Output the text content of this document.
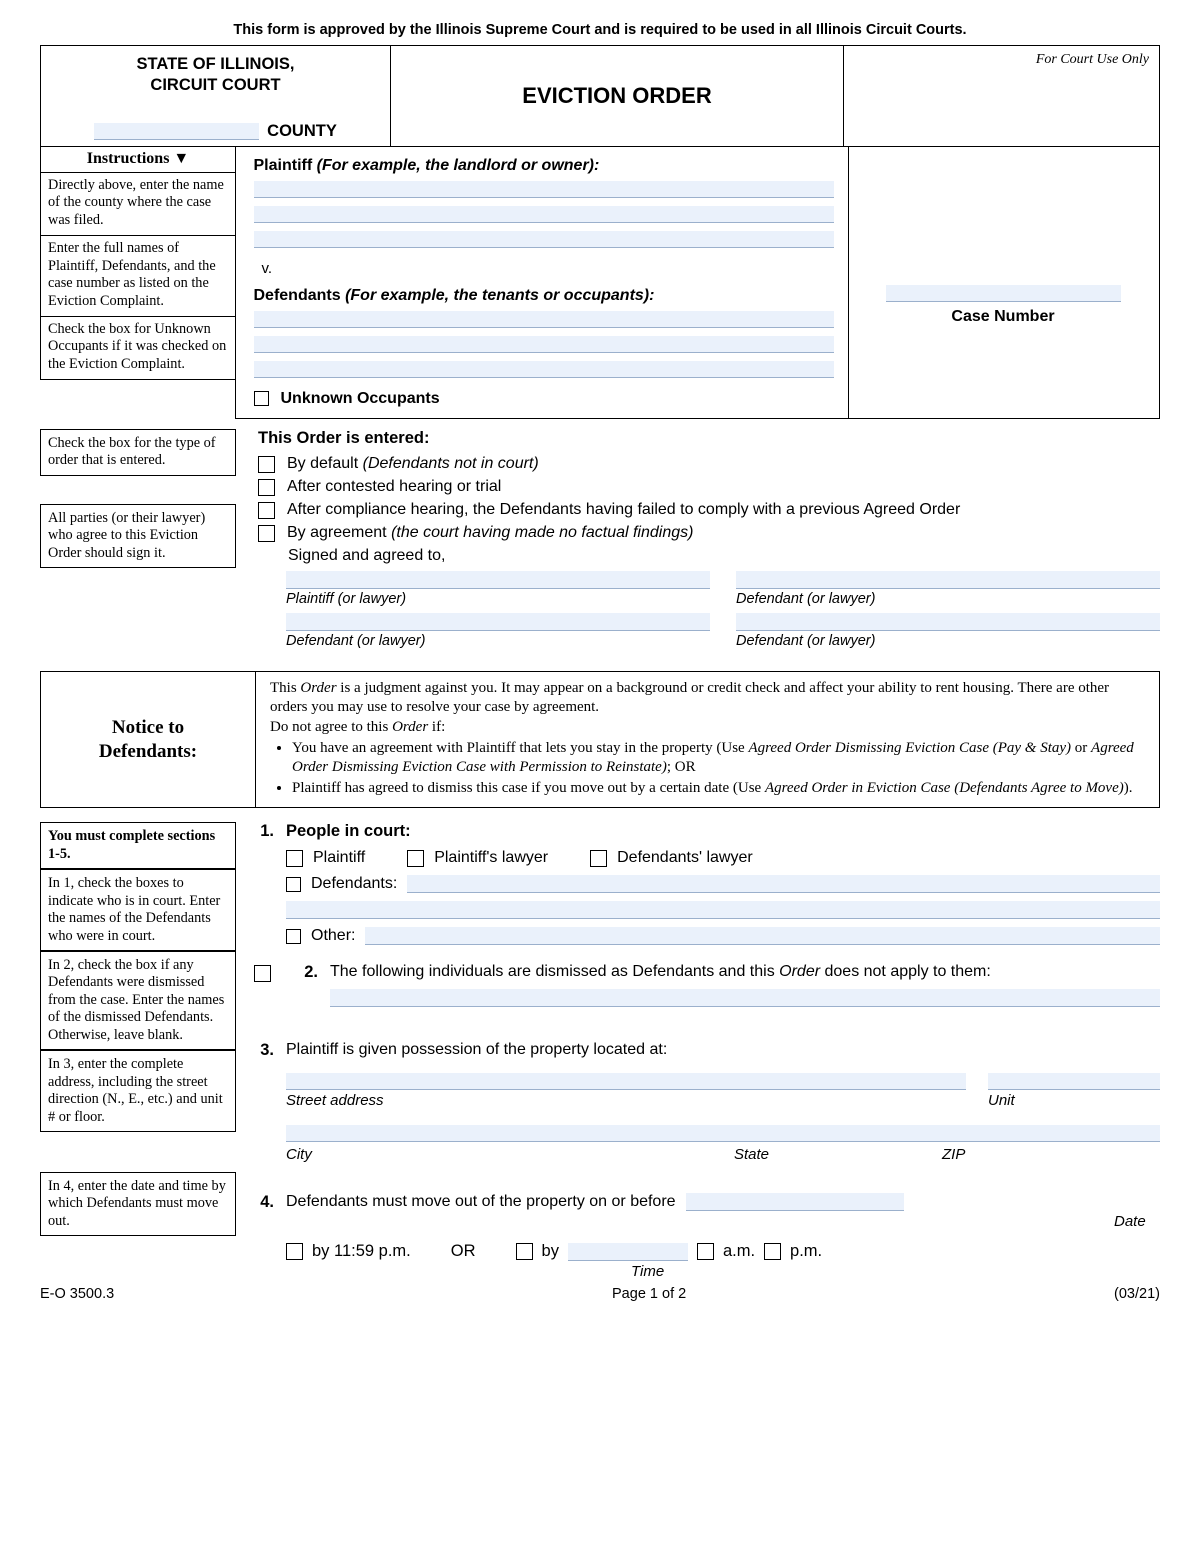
This form is approved by the Illinois Supreme Court and is required to be used in all Illinois Circuit Courts.
STATE OF ILLINOIS,
CIRCUIT COURT
COUNTY
EVICTION ORDER
For Court Use Only
Instructions ▼
Directly above, enter the name of the county where the case was filed.
Enter the full names of Plaintiff, Defendants, and the case number as listed on the Eviction Complaint.
Check the box for Unknown Occupants if it was checked on the Eviction Complaint.
Plaintiff (For example, the landlord or owner):
v.
Defendants (For example, the tenants or occupants):
Unknown Occupants
Case Number
Check the box for the type of order that is entered.
All parties (or their lawyer) who agree to this Eviction Order should sign it.
This Order is entered:
By default (Defendants not in court)
After contested hearing or trial
After compliance hearing, the Defendants having failed to comply with a previous Agreed Order
By agreement (the court having made no factual findings)
Signed and agreed to,
Plaintiff (or lawyer)	Defendant (or lawyer)
Defendant (or lawyer)	Defendant (or lawyer)
Notice to
Defendants:

This Order is a judgment against you. It may appear on a background or credit check and affect your ability to rent housing. There are other orders you may use to resolve your case by agreement.

Do not agree to this Order if:

• You have an agreement with Plaintiff that lets you stay in the property (Use Agreed Order Dismissing Eviction Case (Pay & Stay) or Agreed Order Dismissing Eviction Case with Permission to Reinstate); OR
• Plaintiff has agreed to dismiss this case if you move out by a certain date (Use Agreed Order in Eviction Case (Defendants Agree to Move)).
You must complete sections 1-5.
In 1, check the boxes to indicate who is in court. Enter the names of the Defendants who were in court.
In 2, check the box if any Defendants were dismissed from the case. Enter the names of the dismissed Defendants. Otherwise, leave blank.
In 3, enter the complete address, including the street direction (N., E., etc.) and unit # or floor.
In 4, enter the date and time by which Defendants must move out.
1. People in court:
Plaintiff	Plaintiff's lawyer	Defendants' lawyer
Defendants:
Other:
2. The following individuals are dismissed as Defendants and this Order does not apply to them:
3. Plaintiff is given possession of the property located at:
Street address	Unit
City	State	ZIP
4. Defendants must move out of the property on or before
Date
by 11:59 p.m. OR	by	a.m. p.m.
Time
E-O 3500.3	Page 1 of 2	(03/21)
